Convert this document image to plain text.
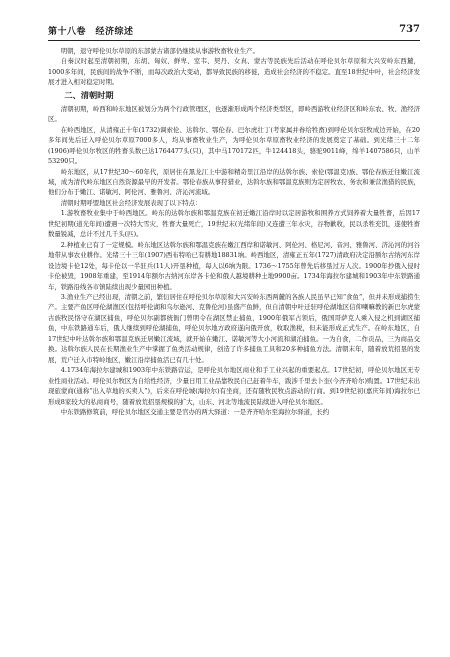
第十八卷　经济综述	737

明朝，退守呼伦贝尔草原的东部蒙古诸部仍继续从事游牧畜牧业生产。

自秦汉时起至清朝初期，东胡、匈奴、鲜卑、室韦、契丹、女真、蒙古等民族先后活动在呼伦贝尔草原和大兴安岭东西麓，1000多年间，民族间的战争不断，而每次政治大变动，都导致民族的移徙，造成社会经济的不稳定。直至18世纪中叶，社会经济发展才进入相对稳定时期。

二、清朝时期

清朝初期，岭西和岭东地区被划分为两个行政管理区，也逐渐形成两个经济类型区，即岭西游牧业经济区和岭东农、牧、渔经济区。

在岭西地区，从清雍正十年(1732)调索伦、达斡尔、鄂伦春、巴尔虎壮丁(考家属并眷给牲畜)到呼伦贝尔驻牧成边开始，在20多年间先后迁入呼伦贝尔草原7000多人，均从事畜牧业生产，为呼伦贝尔草原畜牧业经济的发展奠定了基础。到光绪三十二年(1906)呼伦贝尔牧区的牲畜头数已达1764477头(只)，其中马170172匹，牛124418头，骆驼9011峰，绵羊1407586只，山羊53290只。

岭东地区，从17世纪30～60年代，原居住在黑龙江上中游和精奇里江沿岸的达斡尔族、索伦(鄂温克)族、鄂伦春族迁往嫩江流域，成为清代岭东地区自然资源最早的开发者。鄂伦春族从事狩猎业，达斡尔族和鄂温克族则为定居牧农、务农和兼营渔猎的民族，他们分布于嫩江、诺敏河、阿伦河、雅鲁河、济沁河流域。

清朝时期呼盟地区社会经济发展表现了以下特点：

1.游牧畜牧业集中于岭西地区。岭东的达斡尔族和鄂温克族在初迁嫩江沿岸时以定居游牧和围养方式饲养着大量牲畜，后因17世纪初期(道光年间)遭遇一次特大雪灾，牲畜大量死亡，19世纪末(光绪年间)又连遭三年水灾，谷物歉收，民以杀牲充饥，遂使牲畜数量锐减，总计不过几千头(匹)。

2.种植业已有了一定规模。岭东地区达斡尔族和鄂温克族在嫩江西岸和诺敏河、阿伦河、格尼河、音河、雅鲁河、济沁河的河谷地带从事农业耕作。光绪三十三年(1907)西布特哈已有耕地18831垧。岭西地区，清雍正五年(1727)清政府决定沿额尔古纳河东岸设边境卡伦12处，每卡伦以一半驻兵(11人)开垦种植，每人以6垧为限。1736～1755年曾先后移垦过万人次。1900年抄俄入侵时卡伦被毁，1908年重建，至1914年额尔古纳河东岸各卡伦和俄人越境耕种土地9900亩。1734年海拉尔建城和1903年中东铁路通车，铁路沿线各市镇陆续出现少量园田种植。

3.渔业生产已经出现，清朝之前，繁衍居住在呼伦贝尔草原和大兴安岭东西两麓的各族人民虽早已知“食鱼”，但并未形成捕捞生产。主要产鱼区呼伦湖渔区(包括呼伦湖和乌尔逊河、克鲁伦河)虽盛产鱼鲜，但自清朝中叶迁驻呼伦湖地区信仰喇嘛教的新巴尔虎蒙古族牧民恪守在湖区捕鱼，呼伦贝尔副都统衙门曾明令在湖区禁止捕鱼，1900年俄军占领后，俄国哥萨克人乘入侵之机到湖区捕鱼，中东铁路通车后，俄人继续到呼伦湖捕鱼，呼伦贝尔地方政府遂向俄开放，收取渔税，但未能形成正式生产。在岭东地区，自17世纪中叶达斡尔族和鄂温克族迁居嫩江流域，就开始在嫩江、诺敏河等大小河流和湖泊捕鱼。一为自食，二作贡品，三为商品交换。达斡尔族人民在长期渔业生产中掌握了鱼类活动规律，创造了许多捕鱼工具和20多种捕鱼方法。清朝末年，随着放荒招垦的发展，荒户迁入市特岭地区，嫩江沿岸捕鱼活已有几十处。

4.1734年海拉尔建城和1903年中东铁路营运，是呼伦贝尔地区商业和手工业兴起的重要起点。17世纪初，呼伦贝尔地区无专业性商业活动。呼伦贝尔牧区为自给性经济，少量日用工业品靠牧民自己赶着牛车，跋涉千里去卜奎(今齐齐哈尔)购置。17世纪末出现旅蒙商(通称“出入草地的买卖人”)，后来在呼伦城(海拉尔)有坐商，还有随牧民牧点游动的行商。到19世纪初(嘉庆年间)海拉尔已形成8家较大的私商商号，随着放荒招垦规模的扩大，山东、河北等地流民陆续进入呼伦贝尔地区。

中东铁路修筑前，呼伦贝尔地区交通主要是官办的两大驿道：一是齐齐哈尔至海拉尔驿道，长约
